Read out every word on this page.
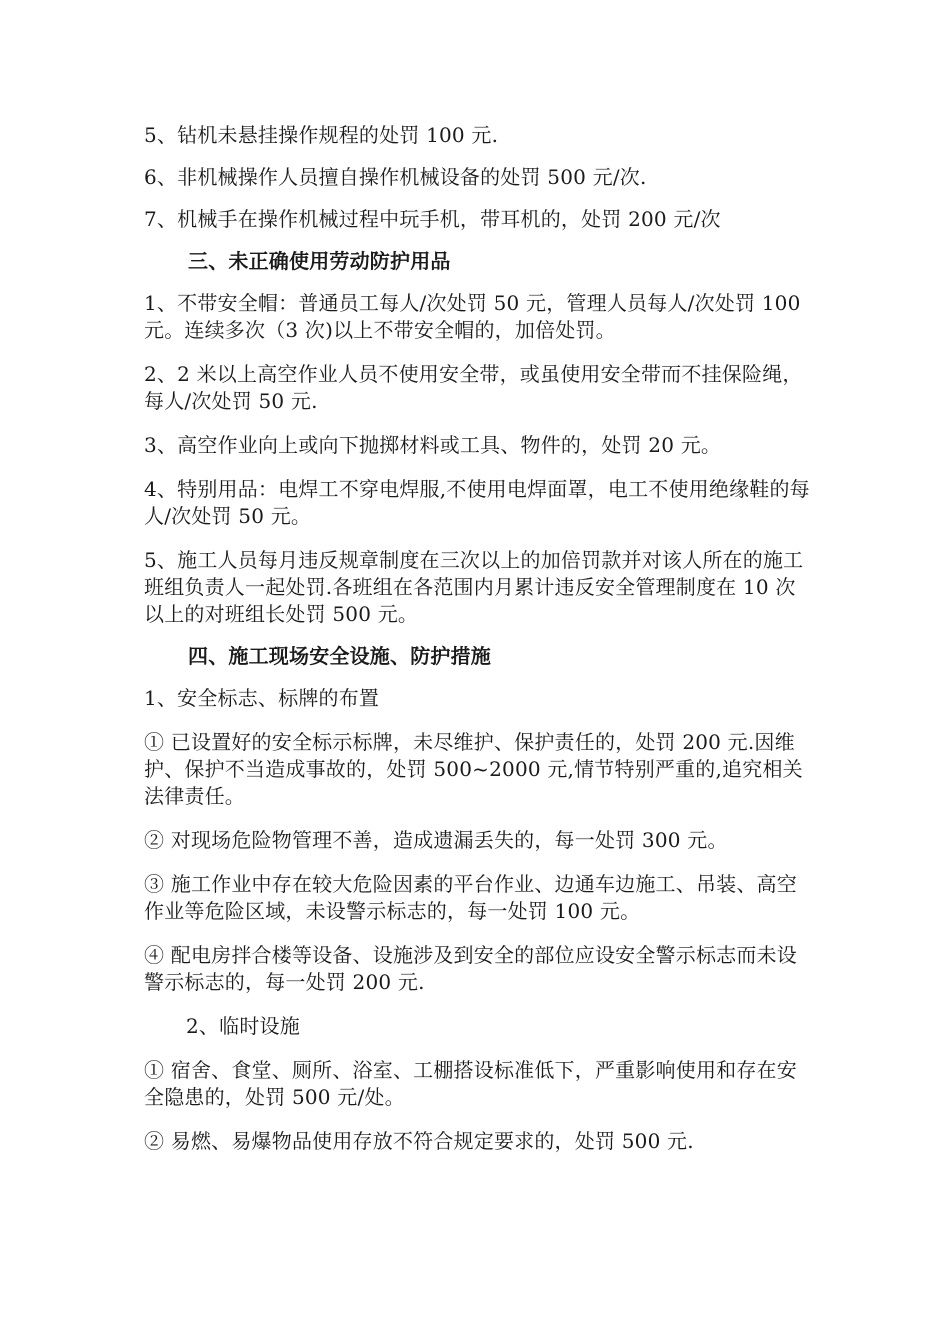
5、钻机未悬挂操作规程的处罚 100 元.

6、非机械操作人员擅自操作机械设备的处罚 500 元/次.

7、机械手在操作机械过程中玩手机，带耳机的，处罚 200 元/次

三、未正确使用劳动防护用品

1、不带安全帽：普通员工每人/次处罚 50 元，管理人员每人/次处罚 100 元。连续多次（3 次)以上不带安全帽的，加倍处罚。

2、2 米以上高空作业人员不使用安全带，或虽使用安全带而不挂保险绳，每人/次处罚 50 元.

3、高空作业向上或向下抛掷材料或工具、物件的，处罚 20 元。

4、特别用品：电焊工不穿电焊服,不使用电焊面罩，电工不使用绝缘鞋的每人/次处罚 50 元。

5、施工人员每月违反规章制度在三次以上的加倍罚款并对该人所在的施工班组负责人一起处罚.各班组在各范围内月累计违反安全管理制度在 10 次以上的对班组长处罚 500 元。

四、施工现场安全设施、防护措施

1、安全标志、标牌的布置

① 已设置好的安全标示标牌，未尽维护、保护责任的，处罚 200 元.因维护、保护不当造成事故的，处罚 500~2000 元,情节特别严重的,追究相关法律责任。

② 对现场危险物管理不善，造成遗漏丢失的，每一处罚 300 元。

③ 施工作业中存在较大危险因素的平台作业、边通车边施工、吊装、高空作业等危险区域，未设警示标志的，每一处罚 100 元。

④ 配电房拌合楼等设备、设施涉及到安全的部位应设安全警示标志而未设警示标志的，每一处罚 200 元.

2、临时设施

① 宿舍、食堂、厕所、浴室、工棚搭设标准低下，严重影响使用和存在安全隐患的，处罚 500 元/处。

② 易燃、易爆物品使用存放不符合规定要求的，处罚 500 元.
